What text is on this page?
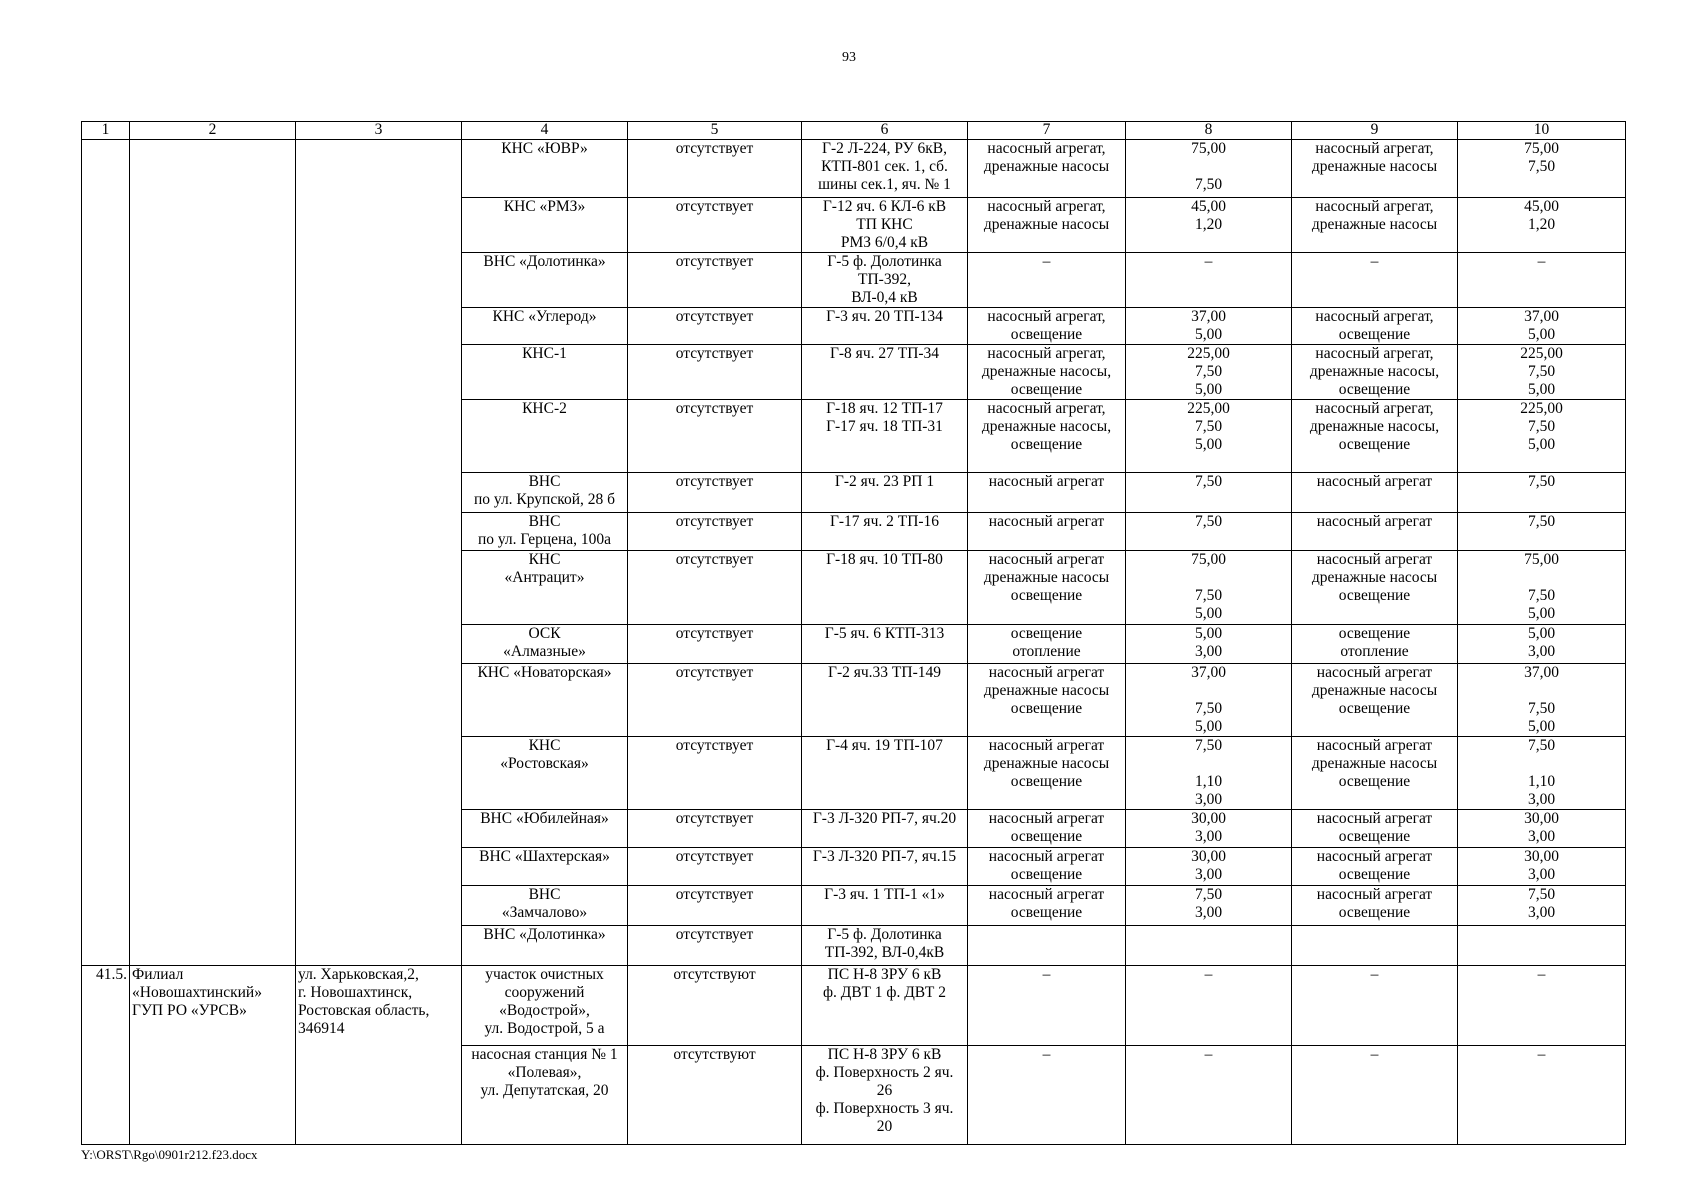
93
1	2	3	4	5	6	7	8	9	10
			КНС «ЮВР»	отсутствует	Г-2 Л-224, РУ 6кВ,
КТП-801 сек. 1, сб.
шины сек.1, яч. № 1	насосный агрегат,
дренажные насосы	75,00

7,50	насосный агрегат,
дренажные насосы	75,00
7,50
			КНС «РМЗ»	отсутствует	Г-12 яч. 6 КЛ-6 кВ
ТП КНС
РМЗ 6/0,4 кВ	насосный агрегат,
дренажные насосы	45,00
1,20	насосный агрегат,
дренажные насосы	45,00
1,20
			ВНС «Долотинка»	отсутствует	Г-5 ф. Долотинка
ТП-392,
ВЛ-0,4 кВ	–	–	–	–
			КНС «Углерод»	отсутствует	Г-3 яч. 20 ТП-134	насосный агрегат,
освещение	37,00
5,00	насосный агрегат,
освещение	37,00
5,00
			КНС-1	отсутствует	Г-8 яч. 27 ТП-34	насосный агрегат,
дренажные насосы,
освещение	225,00
7,50
5,00	насосный агрегат,
дренажные насосы,
освещение	225,00
7,50
5,00
			КНС-2	отсутствует	Г-18 яч. 12 ТП-17
Г-17 яч. 18 ТП-31	насосный агрегат,
дренажные насосы,
освещение	225,00
7,50
5,00	насосный агрегат,
дренажные насосы,
освещение	225,00
7,50
5,00
			ВНС
по ул. Крупской, 28 б	отсутствует	Г-2 яч. 23 РП 1	насосный агрегат	7,50	насосный агрегат	7,50
			ВНС
по ул. Герцена, 100а	отсутствует	Г-17 яч. 2 ТП-16	насосный агрегат	7,50	насосный агрегат	7,50
			КНС
«Антрацит»	отсутствует	Г-18 яч. 10 ТП-80	насосный агрегат
дренажные насосы
освещение	75,00

7,50
5,00	насосный агрегат
дренажные насосы
освещение	75,00

7,50
5,00
			ОСК
«Алмазные»	отсутствует	Г-5 яч. 6 КТП-313	освещение
отопление	5,00
3,00	освещение
отопление	5,00
3,00
			КНС «Новаторская»	отсутствует	Г-2 яч.33 ТП-149	насосный агрегат
дренажные насосы
освещение	37,00

7,50
5,00	насосный агрегат
дренажные насосы
освещение	37,00

7,50
5,00
			КНС
«Ростовская»	отсутствует	Г-4 яч. 19 ТП-107	насосный агрегат
дренажные насосы
освещение	7,50

1,10
3,00	насосный агрегат
дренажные насосы
освещение	7,50

1,10
3,00
			ВНС «Юбилейная»	отсутствует	Г-3 Л-320 РП-7, яч.20	насосный агрегат
освещение	30,00
3,00	насосный агрегат
освещение	30,00
3,00
			ВНС «Шахтерская»	отсутствует	Г-3 Л-320 РП-7, яч.15	насосный агрегат
освещение	30,00
3,00	насосный агрегат
освещение	30,00
3,00
			ВНС
«Замчалово»	отсутствует	Г-3 яч. 1 ТП-1 «1»	насосный агрегат
освещение	7,50
3,00	насосный агрегат
освещение	7,50
3,00
			ВНС «Долотинка»	отсутствует	Г-5 ф. Долотинка
ТП-392, ВЛ-0,4кВ				
41.5.	Филиал
«Новошахтинский»
ГУП РО «УРСВ»	ул. Харьковская,2,
г. Новошахтинск,
Ростовская область,
346914	участок очистных
сооружений
«Водострой»,
ул. Водострой, 5 а	отсутствуют	ПС Н-8 ЗРУ 6 кВ
ф. ДВТ 1 ф. ДВТ 2	–	–	–	–
			насосная станция № 1
«Полевая»,
ул. Депутатская, 20	отсутствуют	ПС Н-8 ЗРУ 6 кВ
ф. Поверхность 2 яч.
26
ф. Поверхность 3 яч.
20	–	–	–	–
Y:\ORST\Rgo\0901r212.f23.docx
